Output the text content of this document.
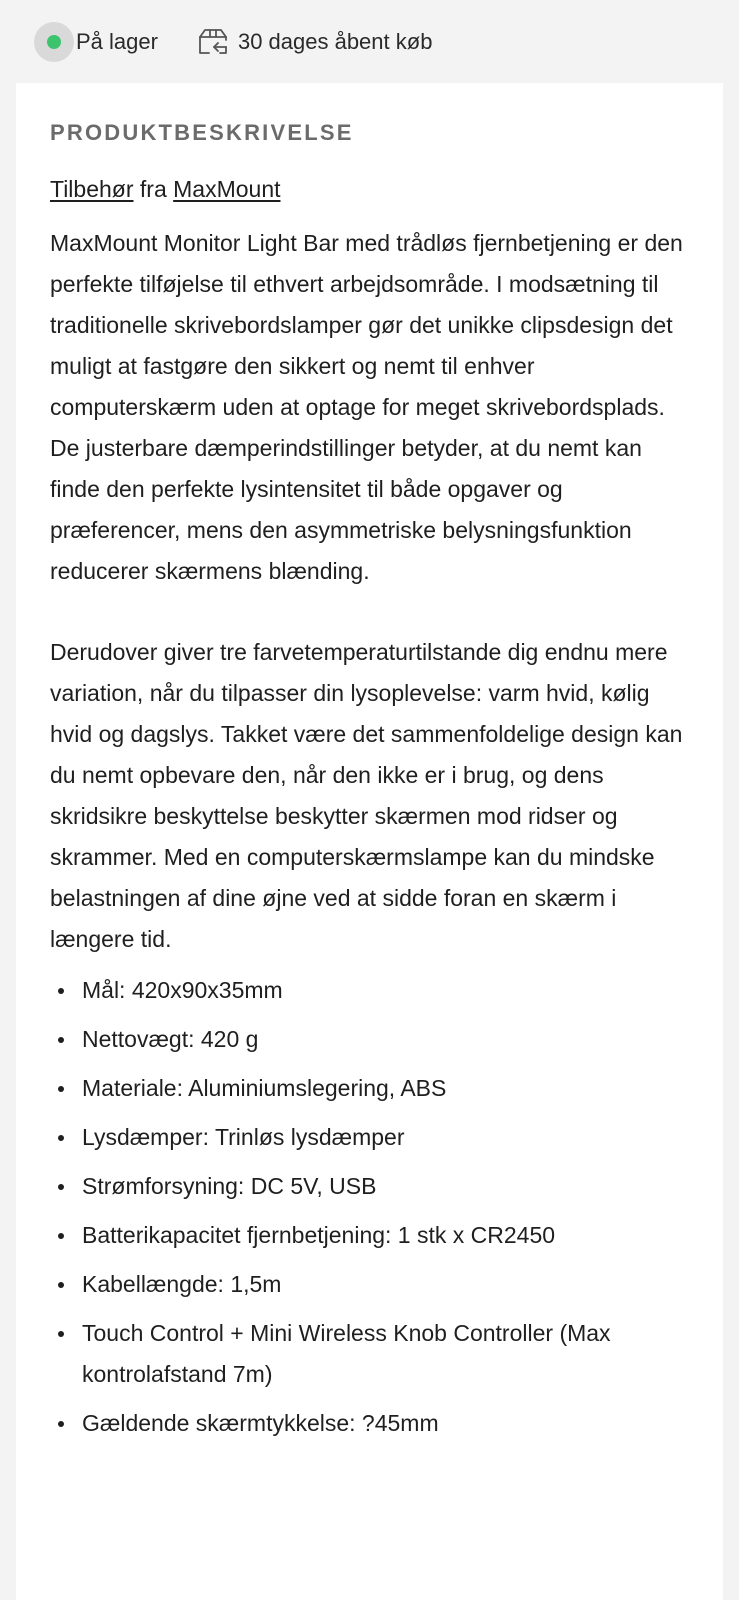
På lager	30 dages åbent køb
PRODUKTBESKRIVELSE
Tilbehør fra MaxMount

MaxMount Monitor Light Bar med trådløs fjernbetjening er den perfekte tilføjelse til ethvert arbejdsområde. I modsætning til traditionelle skrivebordslamper gør det unikke clipsdesign det muligt at fastgøre den sikkert og nemt til enhver computerskærm uden at optage for meget skrivebordsplads. De justerbare dæmperindstillinger betyder, at du nemt kan finde den perfekte lysintensitet til både opgaver og præferencer, mens den asymmetriske belysningsfunktion reducerer skærmens blænding.

Derudover giver tre farvetemperaturtilstande dig endnu mere variation, når du tilpasser din lysoplevelse: varm hvid, kølig hvid og dagslys. Takket være det sammenfoldelige design kan du nemt opbevare den, når den ikke er i brug, og dens skridsikre beskyttelse beskytter skærmen mod ridser og skrammer. Med en computerskærmslampe kan du mindske belastningen af dine øjne ved at sidde foran en skærm i længere tid.

Mål: 420x90x35mm
Nettovægt: 420 g
Materiale: Aluminiumslegering, ABS
Lysdæmper: Trinløs lysdæmper
Strømforsyning: DC 5V, USB
Batterikapacitet fjernbetjening: 1 stk x CR2450
Kabellængde: 1,5m
Touch Control + Mini Wireless Knob Controller (Max kontrolafstand 7m)
Gældende skærmtykkelse: ?45mm
